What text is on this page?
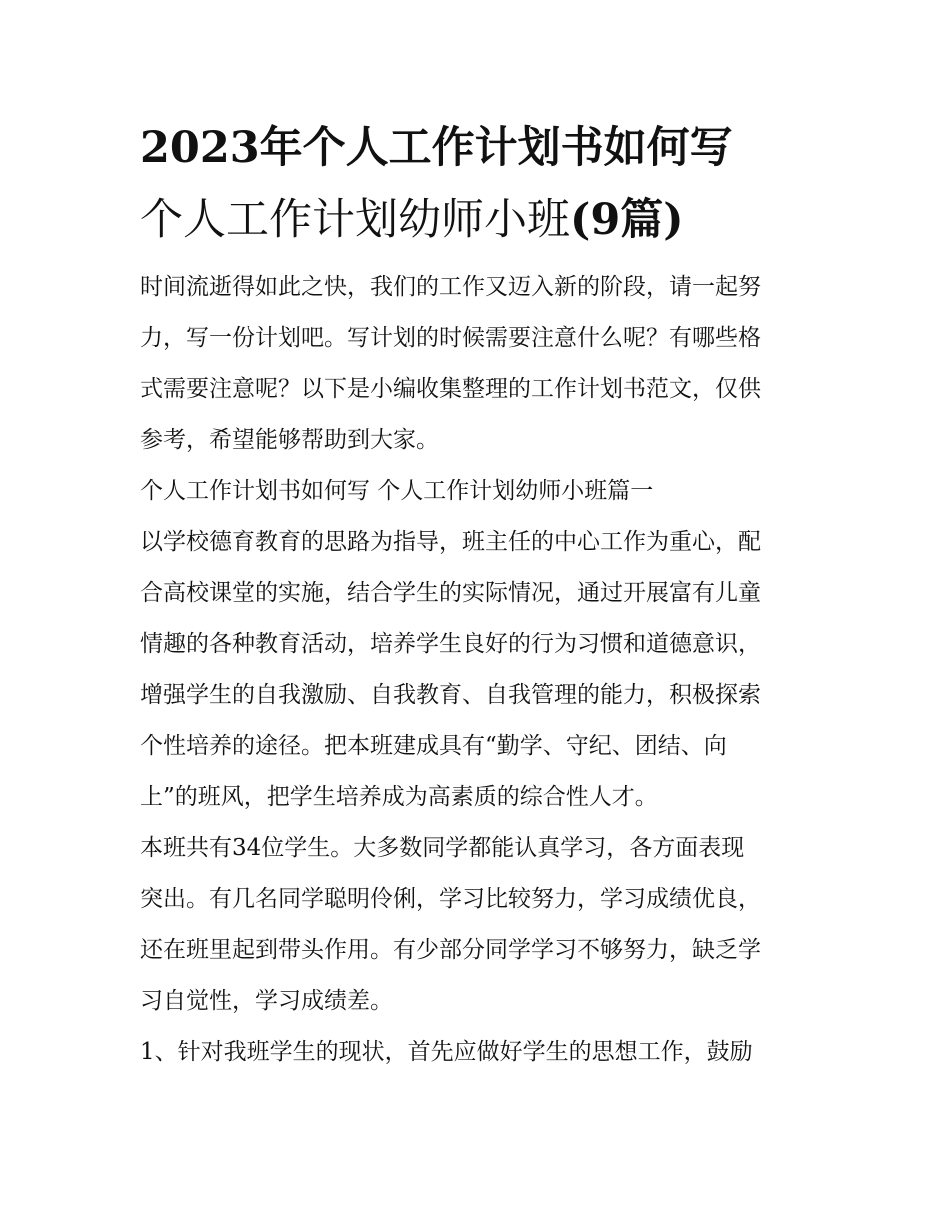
2023年个人工作计划书如何写
个人工作计划幼师小班(9篇)

时间流逝得如此之快，我们的工作又迈入新的阶段，请一起努
力，写一份计划吧。写计划的时候需要注意什么呢？有哪些格
式需要注意呢？以下是小编收集整理的工作计划书范文，仅供
参考，希望能够帮助到大家。

个人工作计划书如何写 个人工作计划幼师小班篇一

以学校德育教育的思路为指导，班主任的中心工作为重心，配
合高校课堂的实施，结合学生的实际情况，通过开展富有儿童
情趣的各种教育活动，培养学生良好的行为习惯和道德意识，
增强学生的自我激励、自我教育、自我管理的能力，积极探索
个性培养的途径。把本班建成具有“勤学、守纪、团结、向
上”的班风，把学生培养成为高素质的综合性人才。

本班共有34位学生。大多数同学都能认真学习，各方面表现
突出。有几名同学聪明伶俐，学习比较努力，学习成绩优良，
还在班里起到带头作用。有少部分同学学习不够努力，缺乏学
习自觉性，学习成绩差。

1、针对我班学生的现状，首先应做好学生的思想工作，鼓励
